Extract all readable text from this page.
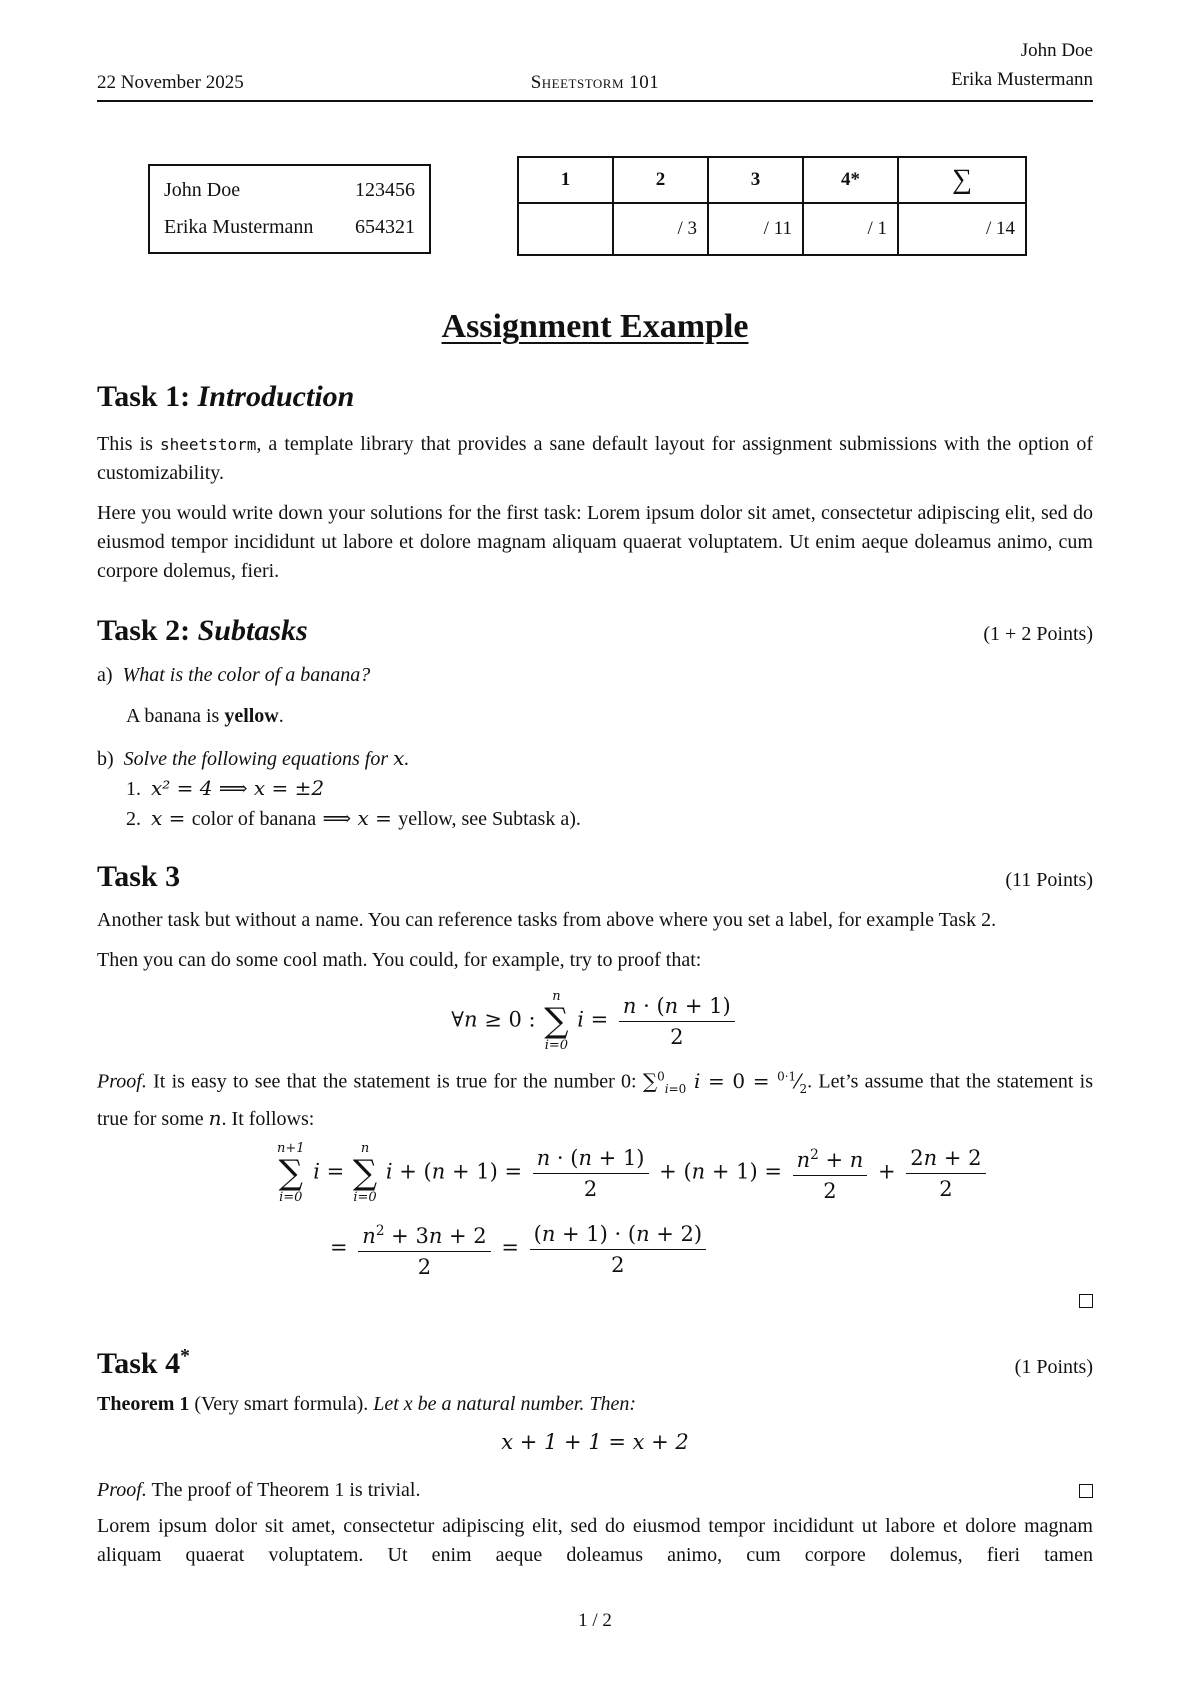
22 November 2025	Sheetstorm 101
John Doe
Erika Mustermann
John Doe	123456
Erika Mustermann 654321
1	2	3	4*	∑
	/ 3	/ 11	/ 1	/ 14
Assignment Example
Task 1: Introduction

This is sheetstorm, a template library that provides a sane default layout for assignment submissions with the option of customizability.

Here you would write down your solutions for the first task: Lorem ipsum dolor sit amet, consectetur adipiscing elit, sed do eiusmod tempor incididunt ut labore et dolore magnam aliquam quaerat voluptatem. Ut enim aeque doleamus animo, cum corpore dolemus, fieri.

Task 2: Subtasks	(1 + 2 Points)

a) What is the color of a banana?

A banana is yellow.

b) Solve the following equations for x.

1. x² = 4 ⟹ x = ±2

2. x = color of banana ⟹ x = yellow, see Subtask a).

Task 3	(11 Points)

Another task but without a name. You can reference tasks from above where you set a label, for example Task 2.

Then you can do some cool math. You could, for example, try to proof that:

∀n ≥ 0 :
n
∑
i=0
$i = \frac{n \cdot (n + 1)}{2}$

Proof. It is easy to see that the statement is true for the number 0: ∑$^0_{i=0}$ $i = 0 = ^{0\cdot 1}⁄_2$. Let’s assume that the statement is true for some n. It follows:

n+1
∑
i=0
i =
n
∑
i=0
$i + (n + 1) = \frac{n \cdot (n + 1)}{2} + (n + 1) = \frac{n^2 + n}{2} + \frac{2n + 2}{2}$
= $\frac{n^2 + 3n + 2}{2} = \frac{(n + 1) \cdot (n + 2)}{2}$
Task 4*	(1 Points)

Theorem 1 (Very smart formula). Let x be a natural number. Then:

x + 1 + 1 = x + 2

Proof. The proof of Theorem 1 is trivial.

Lorem ipsum dolor sit amet, consectetur adipiscing elit, sed do eiusmod tempor incididunt ut labore et dolore magnam aliquam quaerat voluptatem. Ut enim aeque doleamus animo, cum corpore dolemus, fieri tamen

1 / 2
